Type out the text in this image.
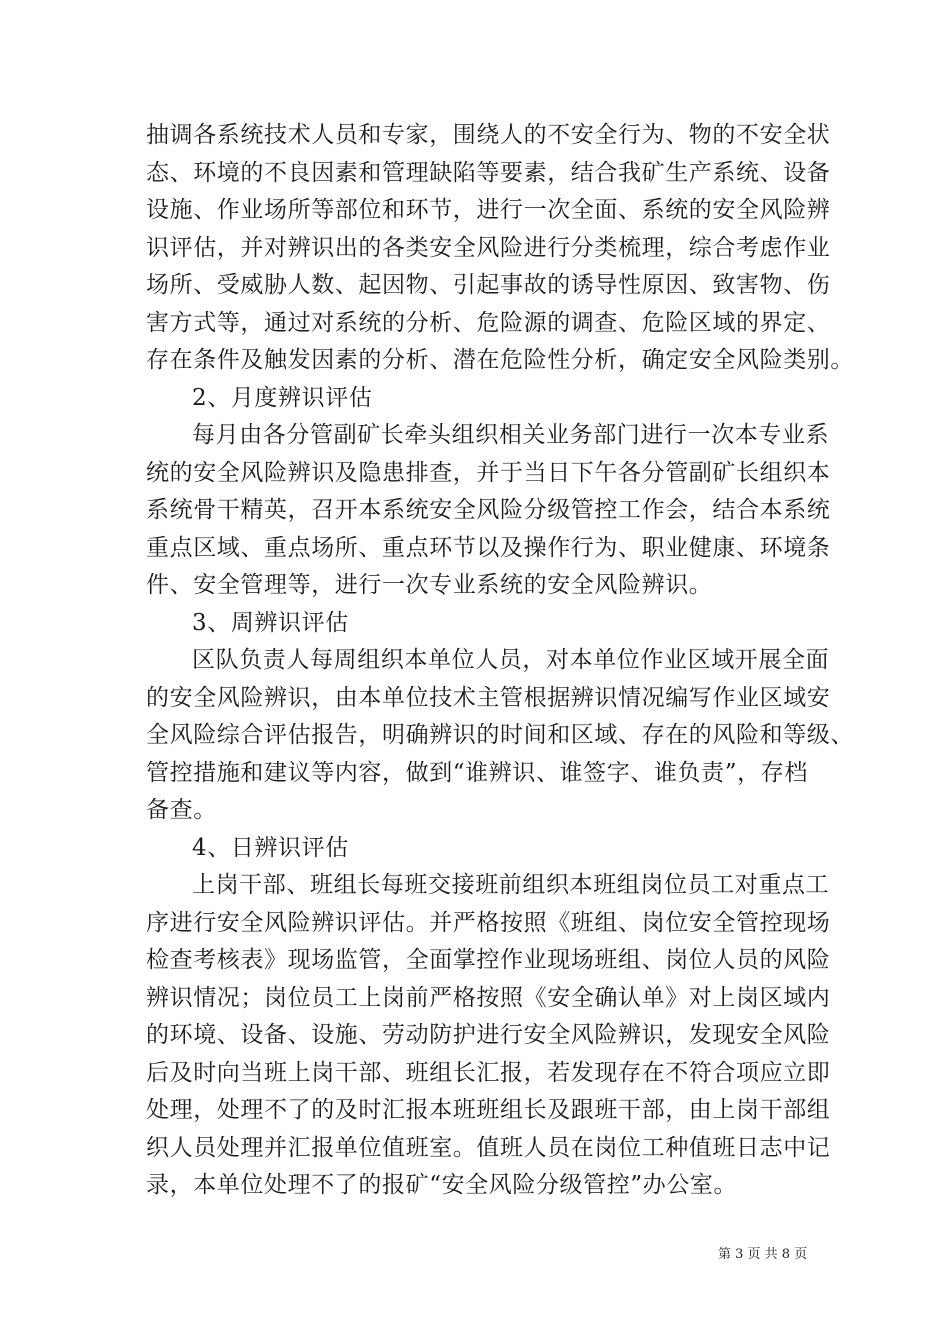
抽调各系统技术人员和专家，围绕人的不安全行为、物的不安全状
态、环境的不良因素和管理缺陷等要素，结合我矿生产系统、设备
设施、作业场所等部位和环节，进行一次全面、系统的安全风险辨
识评估，并对辨识出的各类安全风险进行分类梳理，综合考虑作业
场所、受威胁人数、起因物、引起事故的诱导性原因、致害物、伤
害方式等，通过对系统的分析、危险源的调查、危险区域的界定、
存在条件及触发因素的分析、潜在危险性分析，确定安全风险类别。
2、月度辨识评估
每月由各分管副矿长牵头组织相关业务部门进行一次本专业系
统的安全风险辨识及隐患排查，并于当日下午各分管副矿长组织本
系统骨干精英，召开本系统安全风险分级管控工作会，结合本系统
重点区域、重点场所、重点环节以及操作行为、职业健康、环境条
件、安全管理等，进行一次专业系统的安全风险辨识。
3、周辨识评估
区队负责人每周组织本单位人员，对本单位作业区域开展全面
的安全风险辨识，由本单位技术主管根据辨识情况编写作业区域安
全风险综合评估报告，明确辨识的时间和区域、存在的风险和等级、
管控措施和建议等内容，做到“谁辨识、谁签字、谁负责”，存档
备查。
4、日辨识评估
上岗干部、班组长每班交接班前组织本班组岗位员工对重点工
序进行安全风险辨识评估。并严格按照《班组、岗位安全管控现场
检查考核表》现场监管，全面掌控作业现场班组、岗位人员的风险
辨识情况；岗位员工上岗前严格按照《安全确认单》对上岗区域内
的环境、设备、设施、劳动防护进行安全风险辨识，发现安全风险
后及时向当班上岗干部、班组长汇报，若发现存在不符合项应立即
处理，处理不了的及时汇报本班班组长及跟班干部，由上岗干部组
织人员处理并汇报单位值班室。值班人员在岗位工种值班日志中记
录，本单位处理不了的报矿“安全风险分级管控”办公室。
第 3 页 共 8 页
